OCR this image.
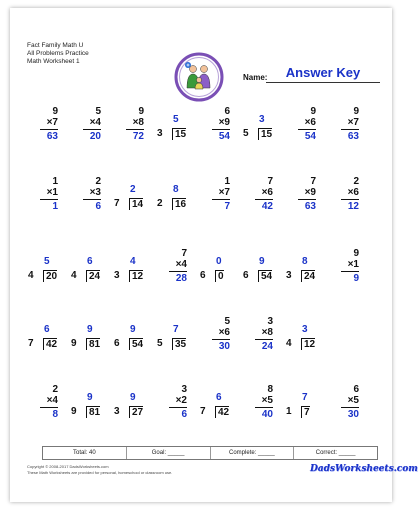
Fact Family Math U
All Problems Practice
Math Worksheet 1
Name:	Answer Key
9
×7
63
5
×4
20
9
×8
72
5
3	15
6
×9
54
3
5	15
9
×6
54
9
×7
63
1
×1
1
2
×3
6
2
7	14
8
2	16
1
×7
7
7
×6
42
7
×9
63
2
×6
12
5
4	20
6
4	24
4
3	12
7
×4
28
0
6	0
9
6	54
8
3	24
9
×1
9
6
7	42
9
9	81
9
6	54
7
5	35
5
×6
30
3
×8
24
3
4	12
2
×4
8
9
9	81
9
3	27
3
×2
6
6
7	42
8
×5
40
7
1	7
6
×5
30
Total: 40	Goal: _____	Complete: _____	Correct: _____
Copyright © 2008-2017 DadsWorksheets.com
These Math Worksheets are provided for personal, homeschool or classroom use.	DadsWorksheets.com
